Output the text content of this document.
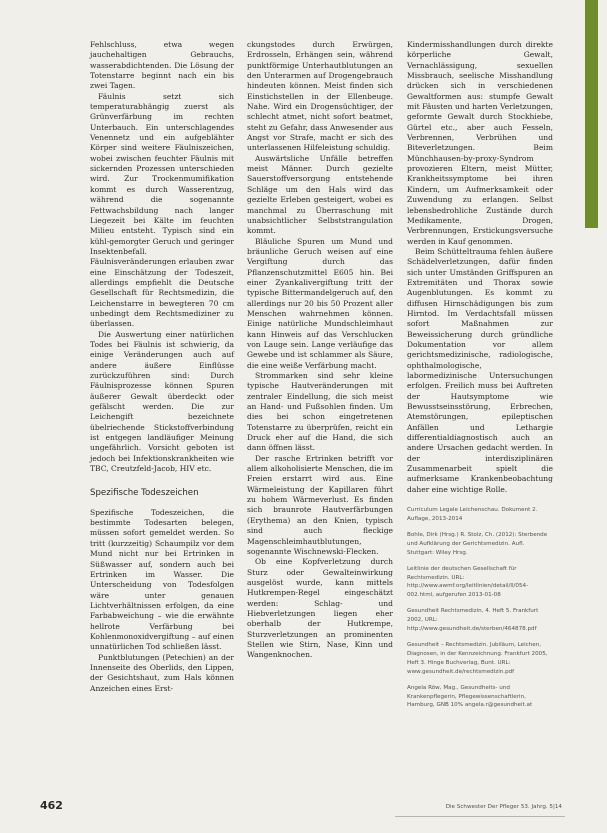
Fehlschluss, etwa wegen jauchehaltigen Gebrauchs, wasserabdichtenden. Die Lösung der Totenstarre beginnt nach ein bis zwei Tagen.

Fäulnis setzt sich temperaturabhängig zuerst als Grünverfärbung im rechten Unterbauch. Ein unterschlagendes Venennetz und ein aufgeblähter Körper sind weitere Fäulniszeichen, wobei zwischen feuchter Fäulnis mit sickernden Prozessen unterschieden wird. Zur Trockenmumifikation kommt es durch Wasserentzug, während die sogenannte Fettwachsbildung nach langer Liegezeit bei Kälte im feuchten Milieu entsteht. Typisch sind ein kühl-gemorgter Geruch und geringer Insektenbefall. Fäulnisveränderungen erlauben zwar eine Einschätzung der Todeszeit, allerdings empfiehlt die Deutsche Gesellschaft für Rechtsmedizin, die Leichenstarre in bewegteren 70 cm unbedingt dem Rechtsmediziner zu überlassen.

Die Auswertung einer natürlichen Todes bei Fäulnis ist schwierig, da einige Veränderungen auch auf andere äußere Einflüsse zurückzuführen sind: Durch Fäulnisprozesse können Spuren äußerer Gewalt überdeckt oder gefälscht werden. Die zur Leichengift bezeichnete übelriechende Stickstoffverbindung ist entgegen landläufiger Meinung ungefährlich. Vorsicht geboten ist jedoch bei Infektionskrankheiten wie TBC, Creutzfeld-Jacob, HIV etc.

Spezifische Todeszeichen

Spezifische Todeszeichen, die bestimmte Todesarten belegen, müssen sofort gemeldet werden. So tritt (kurzzeitig) Schaumpilz vor dem Mund nicht nur bei Ertrinken in Süßwasser auf, sondern auch bei Ertrinken im Wasser. Die Unterscheidung von Todesfolgen wäre unter genauen Lichtverhältnissen erfolgen, da eine Farbabweichung – wie die erwähnte hellrote Verfärbung bei Kohlenmonoxidvergiftung – auf einen unnatürlichen Tod schließen lässt.

Punktblutungen (Petechien) an der Innenseite des Oberlids, den Lippen, der Gesichtshaut, zum Hals können Anzeichen eines Erst-

ckungstodes durch Erwürgen, Erdrosseln, Erhängen sein, während punktförmige Unterhautblutungen an den Unterarmen auf Drogengebrauch hindeuten können. Meist finden sich Einstichstellen in der Ellenbeuge. Nahe. Wird ein Drogensüchtiger, der schlecht atmet, nicht sofort beatmet, steht zu Gefahr, dass Anwesender aus Angst vor Strafe, macht er sich des unterlassenen Hilfeleistung schuldig.

Auswärtsliche Unfälle betreffen meist Männer. Durch gezielte Sauerstoffversorgung entstehende Schläge um den Hals wird das gezielte Erleben gesteigert, wobei es manchmal zu Überraschung mit unabsichtlicher Selbststrangulation kommt.

Bläuliche Spuren um Mund und bräunliche Geruch weisen auf eine Vergiftung durch das Pflanzenschutzmittel E605 hin. Bei einer Zyankalivergiftung tritt der typische Bittermandelgeruch auf, den allerdings nur 20 bis 50 Prozent aller Menschen wahrnehmen können. Einige natürliche Mundschleimhaut kann Hinweis auf das Verschlucken von Lauge sein. Lange verläufige das Gewebe und ist schlammer als Säure, die eine weiße Verfärbung macht.

Strommarken sind sehr kleine typische Hautveränderungen mit zentraler Eindellung, die sich meist an Hand- und Fußsohlen finden. Um dies bei schon eingetretenen Totenstarre zu überprüfen, reicht ein Druck eher auf die Hand, die sich dann öffnen lässt.

Der rasche Ertrinken betrifft vor allem alkoholisierte Menschen, die im Freien erstarrt wird aus. Eine Wärmeleistung der Kapillaren führt zu hohem Wärmeverlust. Es finden sich braunrote Hautverfärbungen (Erythema) an den Knien, typisch sind auch fleckige Magenschleimhautblutungen, sogenannte Wischnewski-Flecken.

Ob eine Kopfverletzung durch Sturz oder Gewalteinwirkung ausgelöst wurde, kann mittels Hutkrempen-Regel eingeschätzt werden: Schlag- und Hiebverletzungen liegen eher oberhalb der Hutkrempe, Sturzverletzungen an prominenten Stellen wie Stirn, Nase, Kinn und Wangenknochen.

Kindermisshandlungen durch direkte körperliche Gewalt, Vernachlässigung, sexuellen Missbrauch, seelische Misshandlung drücken sich in verschiedenen Gewaltformen aus: stumpfe Gewalt mit Fäusten und harten Verletzungen, geformte Gewalt durch Stockhiebe, Gürtel etc., aber auch Fesseln, Verbrennen, Verbrühen und Biteverletzungen. Beim Münchhausen-by-proxy-Syndrom provozieren Eltern, meist Mütter, Krankheitssymptome bei ihren Kindern, um Aufmerksamkeit oder Zuwendung zu erlangen. Selbst lebensbedrohliche Zustände durch Medikamente, Drogen, Verbrennungen, Erstickungsversuche werden in Kauf genommen.

Beim Schütteltrauma fehlen äußere Schädelverletzungen, dafür finden sich unter Umständen Griffspuren an Extremitäten und Thorax sowie Augenblutungen. Es kommt zu diffusen Hirnschädigungen bis zum Hirntod. Im Verdachtsfall müssen sofort Maßnahmen zur Beweissicherung durch gründliche Dokumentation vor allem gerichtsmedizinische, radiologische, ophthalmologische, labormedizinische Untersuchungen erfolgen. Freilich muss bei Auftreten der Hautsymptome wie Bewusstseinsstörung, Erbrechen, Atemstörungen, epileptischen Anfällen und Lethargie differentialdiagnostisch auch an andere Ursachen gedacht werden. In der interdisziplinären Zusammenarbeit spielt die aufmerksame Krankenbeobachtung daher eine wichtige Rolle.

Curriculum Legale Leichenschau. Dokument 2. Auflage, 2013-2014

Bohle, Dirk (Hrsg.) R. Stolz, Ch. (2012): Sterbende und Aufklärung der Gerichtsmedizin. Aufl. Stuttgart: Wiley Hrsg.

Leitlinie der deutschen Gesellschaft für Rechtsmedizin. URL: http://www.awmf.org/leitlinien/detail/ll/054-002.html, aufgerufen 2013-01-08

Gesundheit Rechtsmedizin, 4. Heft 5. Frankfurt 2002, URL: http://www.gesundheit.de/sterben/464878.pdf

Gesundheit – Rechtsmedizin. Jubiläum, Leichen, Diagnosen, in der Kennzeichnung. Frankfurt 2005, Heft 3. Hinge Buchverlag, Bunt. URL: www.gesundheit.de/rechtsmedizin.pdf

Angela Röw, Mag., Gesundheits- und Krankenpflegerin, Pflegewissenschaftlerin, Hamburg, GNB 10% angela.r@gesundheit.at

462	Die Schwester Der Pfleger 53. Jahrg. 5|14
